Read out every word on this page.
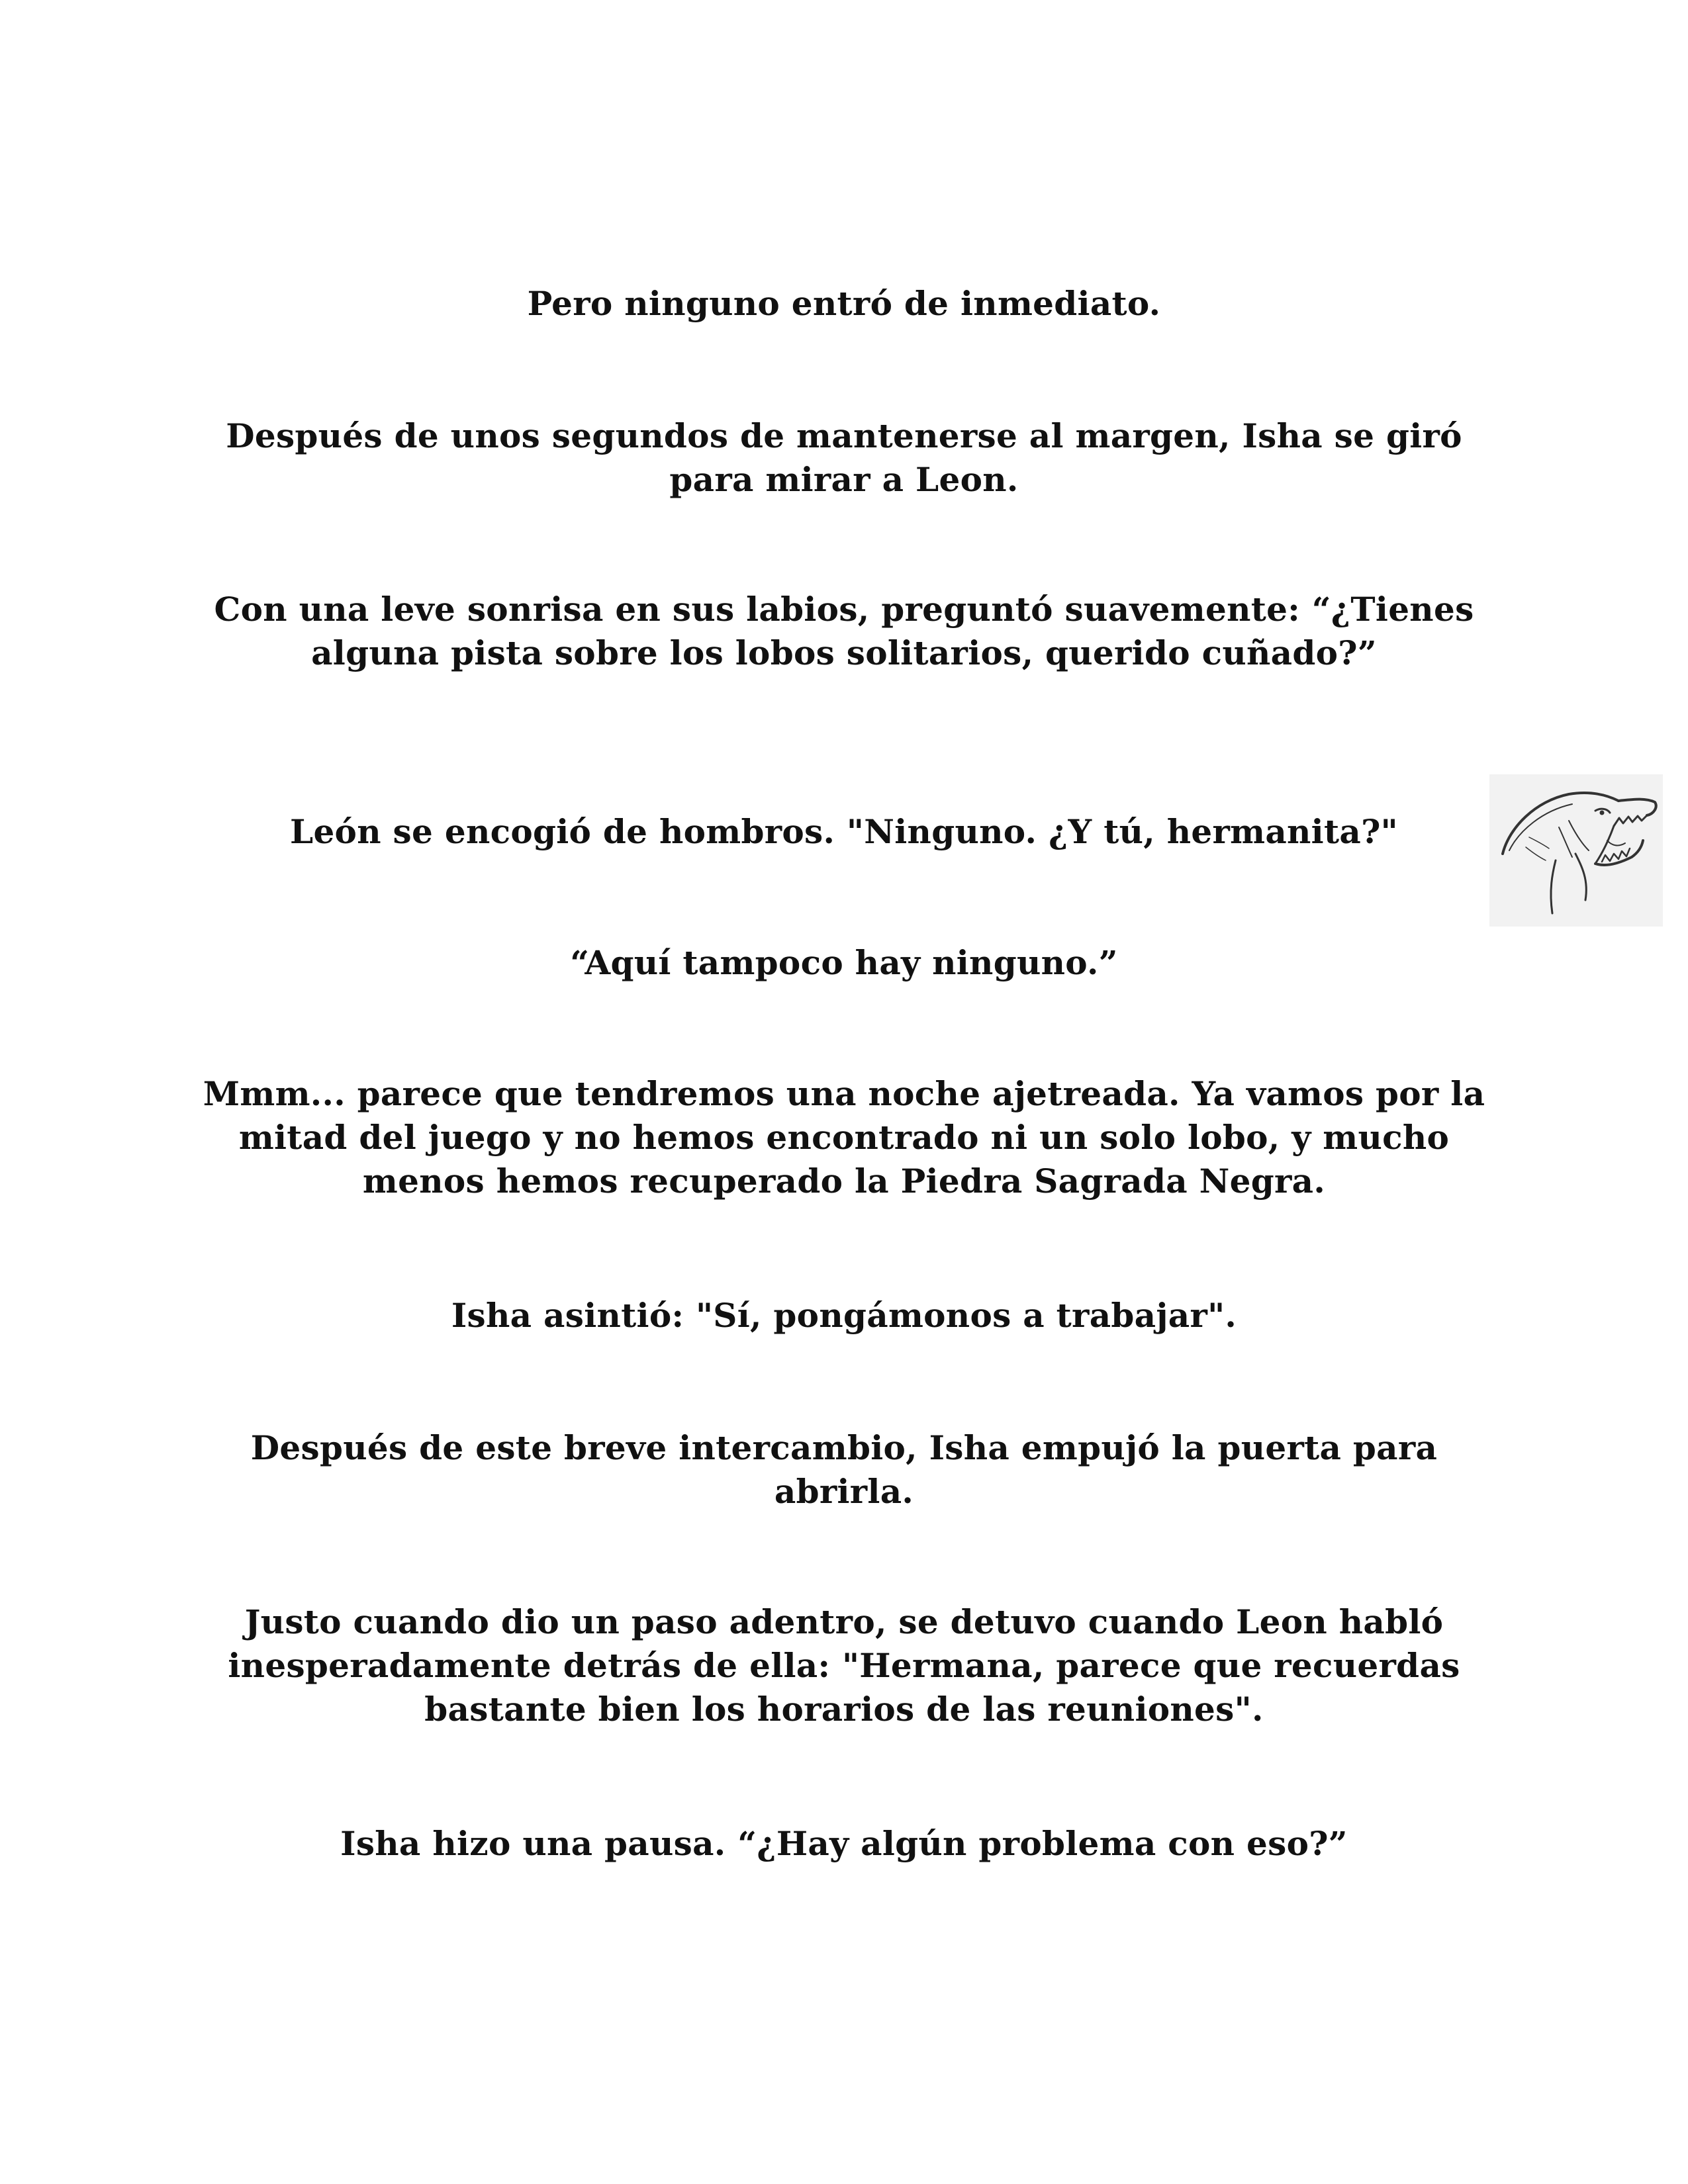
Pero ninguno entró de inmediato.

Después de unos segundos de mantenerse al margen, Isha se giró para mirar a Leon.

Con una leve sonrisa en sus labios, preguntó suavemente: “¿Tienes alguna pista sobre los lobos solitarios, querido cuñado?”

León se encogió de hombros. "Ninguno. ¿Y tú, hermanita?"

“Aquí tampoco hay ninguno.”

Mmm... parece que tendremos una noche ajetreada. Ya vamos por la mitad del juego y no hemos encontrado ni un solo lobo, y mucho menos hemos recuperado la Piedra Sagrada Negra.

Isha asintió: "Sí, pongámonos a trabajar".

Después de este breve intercambio, Isha empujó la puerta para abrirla.

Justo cuando dio un paso adentro, se detuvo cuando Leon habló inesperadamente detrás de ella: "Hermana, parece que recuerdas bastante bien los horarios de las reuniones".

Isha hizo una pausa. “¿Hay algún problema con eso?”
